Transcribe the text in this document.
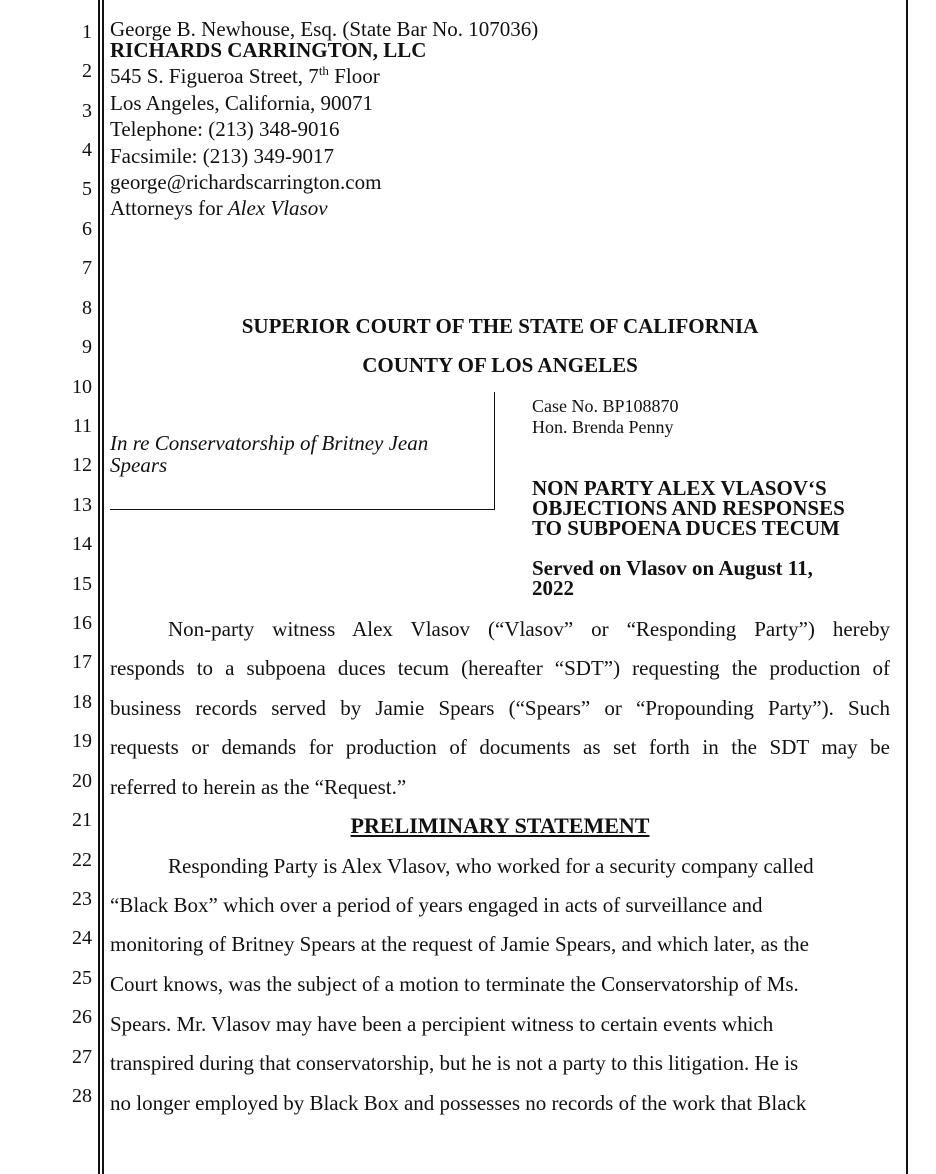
1
2
3
4
5
6
7
8
9
10
11
12
13
14
15
16
17
18
19
20
21
22
23
24
25
26
27
28
George B. Newhouse, Esq. (State Bar No. 107036)
RICHARDS CARRINGTON, LLC
545 S. Figueroa Street, 7th Floor
Los Angeles, California, 90071
Telephone: (213) 348-9016
Facsimile: (213) 349-9017
george@richardscarrington.com
Attorneys for Alex Vlasov
SUPERIOR COURT OF THE STATE OF CALIFORNIA
COUNTY OF LOS ANGELES
In re Conservatorship of Britney Jean
Spears
Case No. BP108870
Hon. Brenda Penny
NON PARTY ALEX VLASOV‘S
OBJECTIONS AND RESPONSES
TO SUBPOENA DUCES TECUM
Served on Vlasov on August 11,
2022
Non-party witness Alex Vlasov (“Vlasov” or “Responding Party”) hereby
responds to a subpoena duces tecum (hereafter “SDT”) requesting the production of
business records served by Jamie Spears (“Spears” or “Propounding Party”). Such
requests or demands for production of documents as set forth in the SDT may be
referred to herein as the “Request.”
PRELIMINARY STATEMENT
Responding Party is Alex Vlasov, who worked for a security company called
“Black Box” which over a period of years engaged in acts of surveillance and
monitoring of Britney Spears at the request of Jamie Spears, and which later, as the
Court knows, was the subject of a motion to terminate the Conservatorship of Ms.
Spears. Mr. Vlasov may have been a percipient witness to certain events which
transpired during that conservatorship, but he is not a party to this litigation. He is
no longer employed by Black Box and possesses no records of the work that Black
